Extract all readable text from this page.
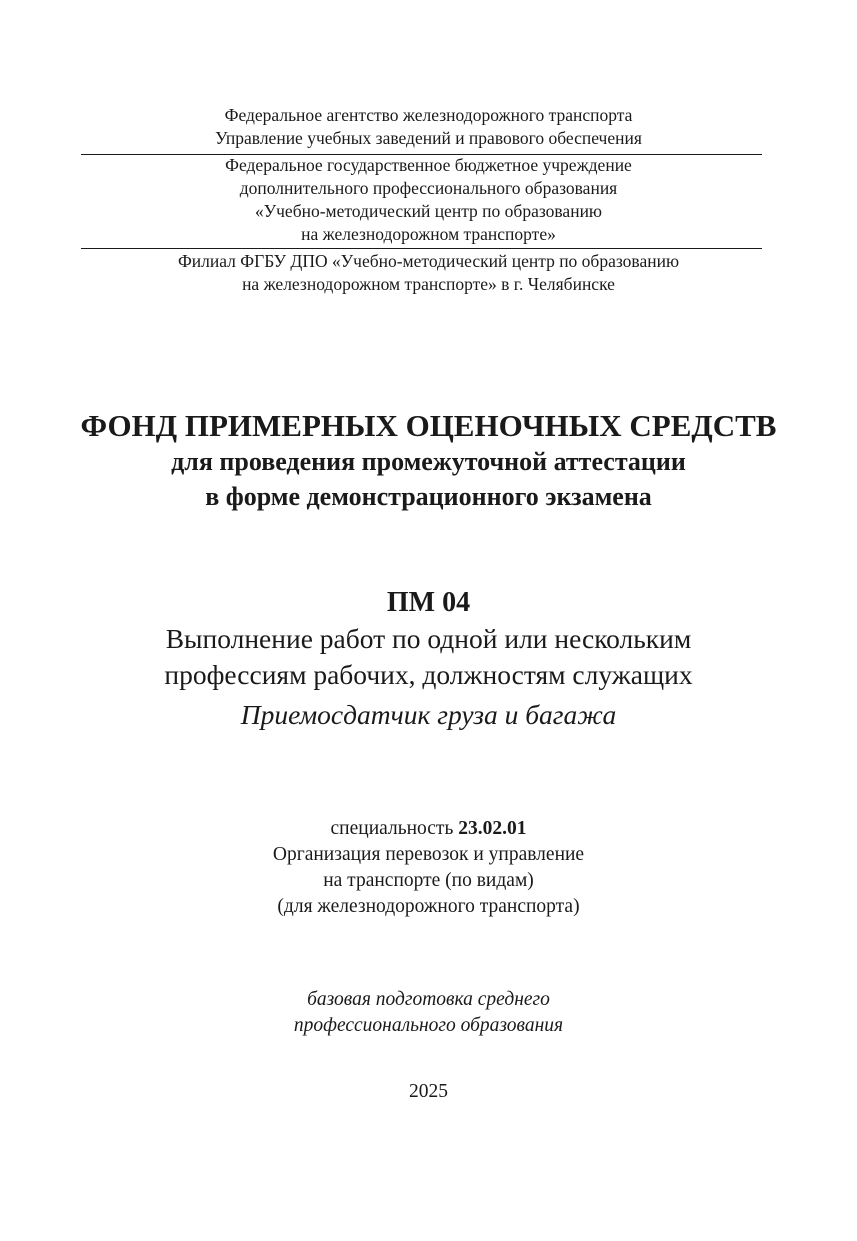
Федеральное агентство железнодорожного транспорта
Управление учебных заведений и правового обеспечения
Федеральное государственное бюджетное учреждение
дополнительного профессионального образования
«Учебно-методический центр по образованию
на железнодорожном транспорте»
Филиал ФГБУ ДПО «Учебно-методический центр по образованию
на железнодорожном транспорте» в г. Челябинске
ФОНД ПРИМЕРНЫХ ОЦЕНОЧНЫХ СРЕДСТВ
для проведения промежуточной аттестации
в форме демонстрационного экзамена
ПМ 04
Выполнение работ по одной или нескольким
профессиям рабочих, должностям служащих
Приемосдатчик груза и багажа
специальность 23.02.01
Организация перевозок и управление
на транспорте (по видам)
(для железнодорожного транспорта)
базовая подготовка среднего
профессионального образования
2025
